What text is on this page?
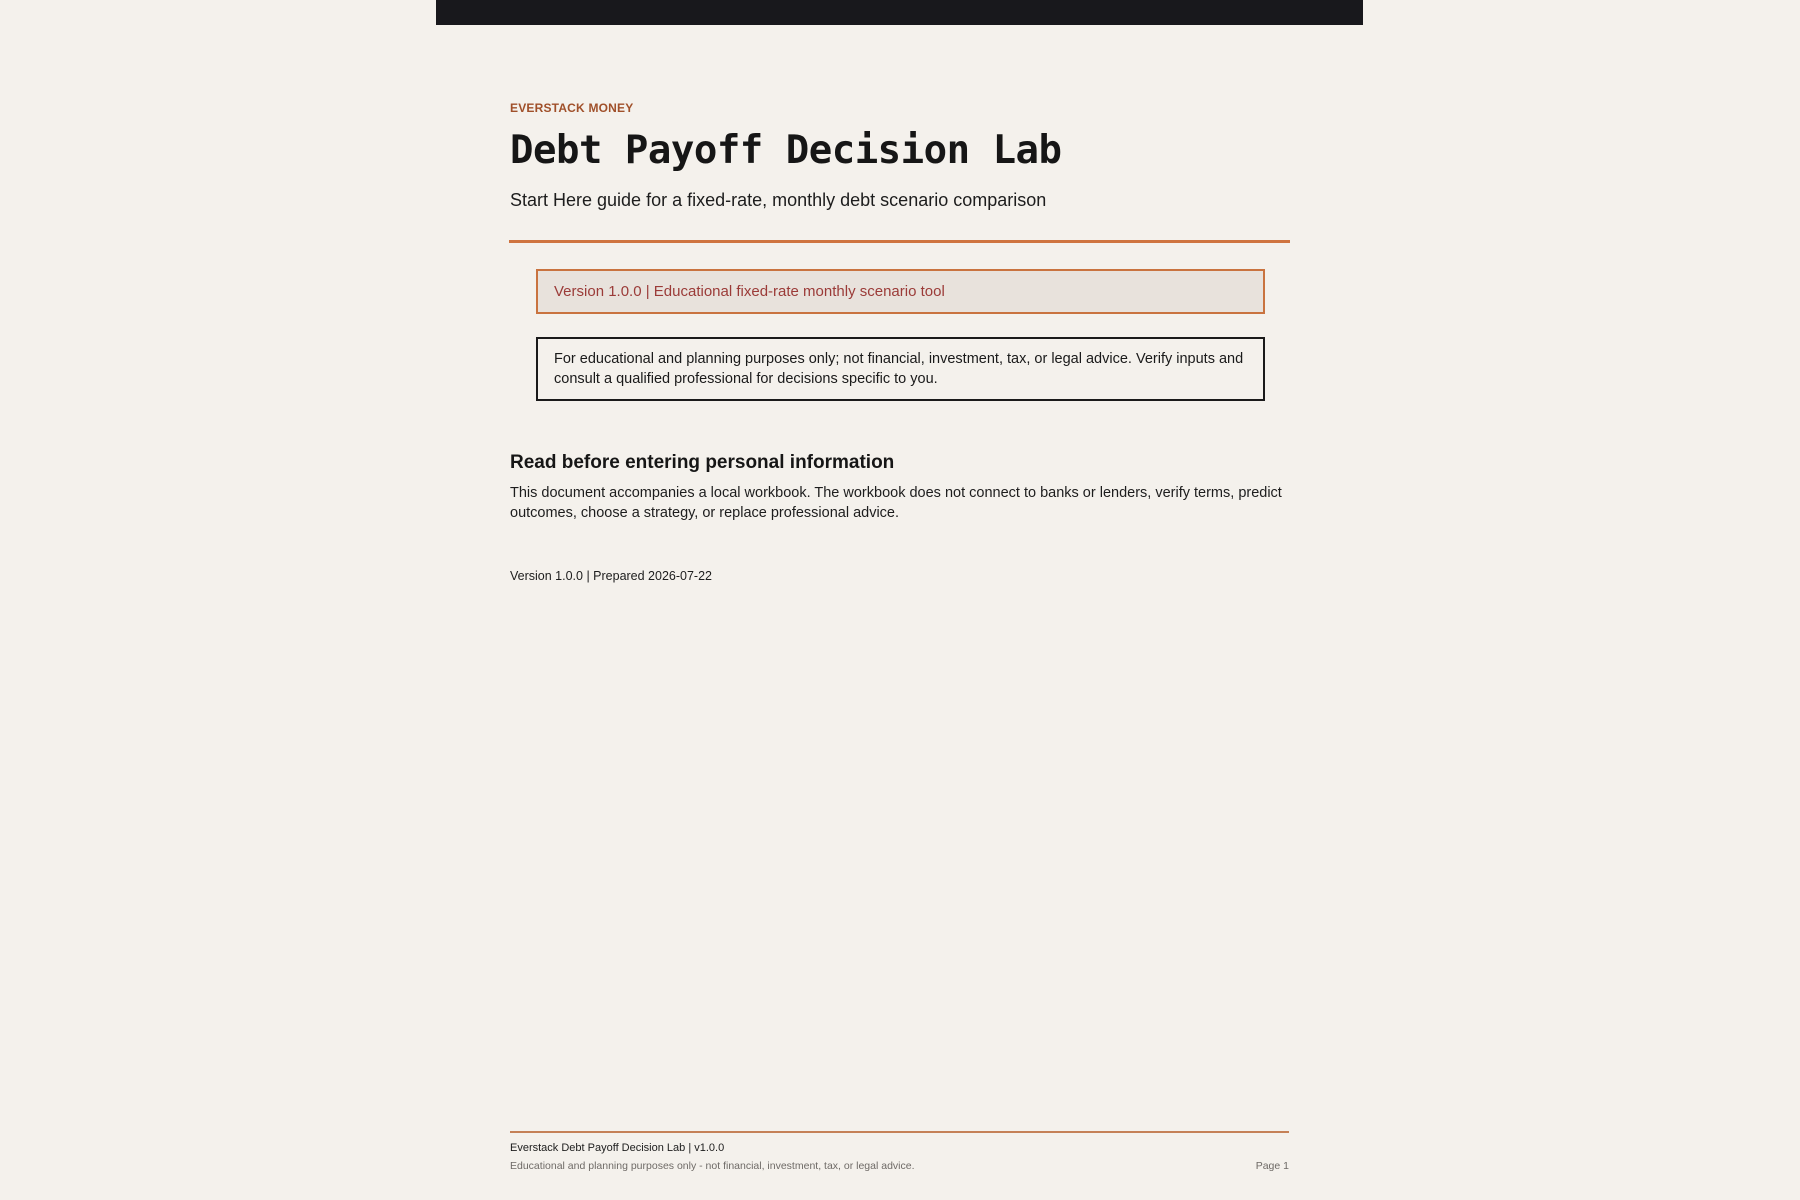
EVERSTACK MONEY
Debt Payoff Decision Lab
Start Here guide for a fixed-rate, monthly debt scenario comparison
Version 1.0.0 | Educational fixed-rate monthly scenario tool
For educational and planning purposes only; not financial, investment, tax, or legal advice. Verify inputs and consult a qualified professional for decisions specific to you.
Read before entering personal information
This document accompanies a local workbook. The workbook does not connect to banks or lenders, verify terms, predict outcomes, choose a strategy, or replace professional advice.
Version 1.0.0 | Prepared 2026-07-22
Everstack Debt Payoff Decision Lab | v1.0.0
Educational and planning purposes only - not financial, investment, tax, or legal advice.	Page 1
